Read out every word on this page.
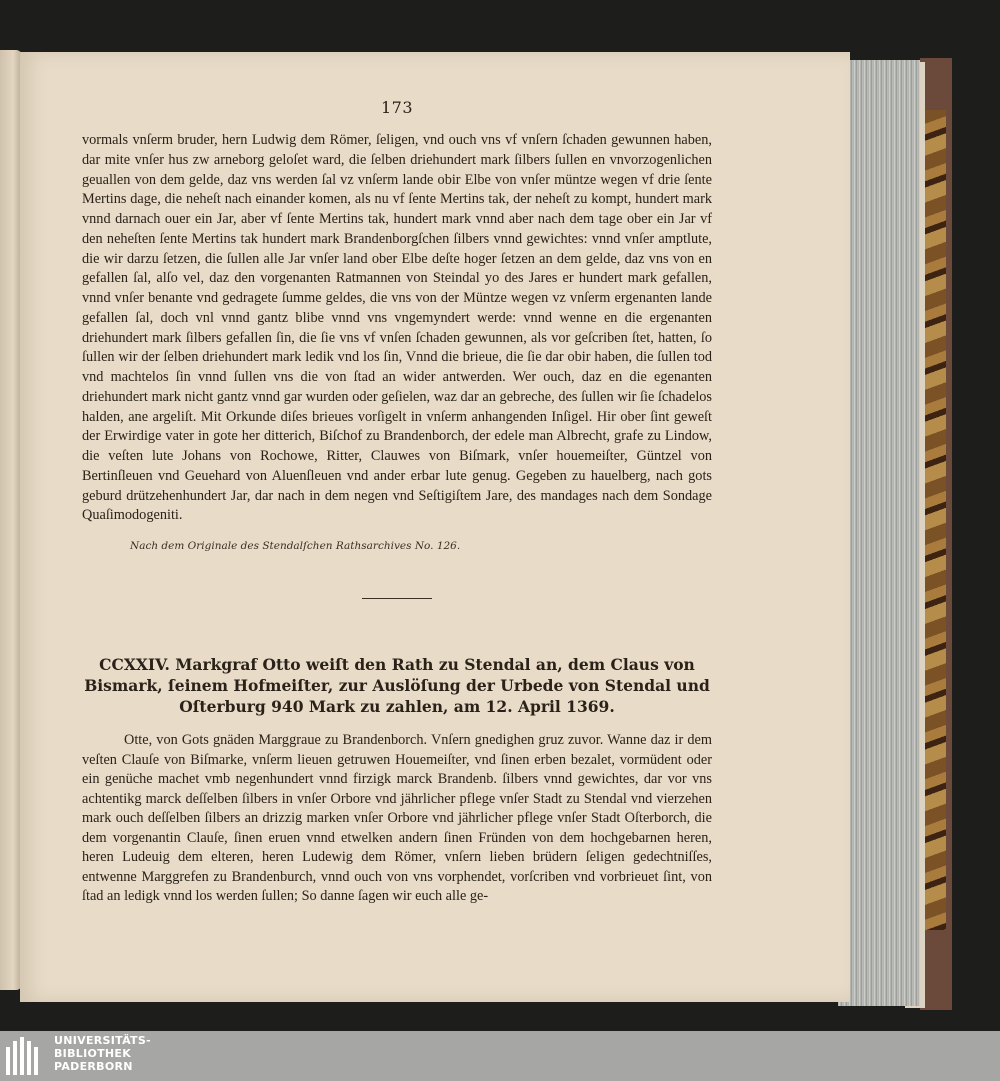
173

vormals vnſerm bruder, hern Ludwig dem Römer, ſeligen, vnd ouch vns vf vnſern ſchaden gewunnen haben, dar mite vnſer hus zw arneborg geloſet ward, die ſelben driehundert mark ſilbers ſullen en vnvorzogenlichen geuallen von dem gelde, daz vns werden ſal vz vnſerm lande obir Elbe von vnſer müntze wegen vf drie ſente Mertins dage, die neheſt nach einander komen, als nu vf ſente Mertins tak, der neheſt zu kompt, hundert mark vnnd darnach ouer ein Jar, aber vf ſente Mertins tak, hundert mark vnnd aber nach dem tage ober ein Jar vf den neheſten ſente Mertins tak hundert mark Brandenborgſchen ſilbers vnnd gewichtes: vnnd vnſer amptlute, die wir darzu ſetzen, die ſullen alle Jar vnſer land ober Elbe deſte hoger ſetzen an dem gelde, daz vns von en gefallen ſal, alſo vel, daz den vorgenanten Ratmannen von Steindal yo des Jares er hundert mark gefallen, vnnd vnſer benante vnd gedragete ſumme geldes, die vns von der Müntze wegen vz vnſerm ergenanten lande gefallen ſal, doch vnl vnnd gantz blibe vnnd vns vngemyndert werde: vnnd wenne en die ergenanten driehundert mark ſilbers gefallen ſin, die ſie vns vf vnſen ſchaden gewunnen, als vor geſcriben ſtet, hatten, ſo ſullen wir der ſelben driehundert mark ledik vnd los ſin, Vnnd die brieue, die ſie dar obir haben, die ſullen tod vnd machtelos ſin vnnd ſullen vns die von ſtad an wider antwerden. Wer ouch, daz en die egenanten driehundert mark nicht gantz vnnd gar wurden oder geſielen, waz dar an gebreche, des ſullen wir ſie ſchadelos halden, ane argeliſt. Mit Orkunde diſes brieues vorſigelt in vnſerm anhangenden Inſigel. Hir ober ſint geweſt der Erwirdige vater in gote her ditterich, Biſchof zu Brandenborch, der edele man Albrecht, grafe zu Lindow, die veſten lute Johans von Rochowe, Ritter, Clauwes von Biſmark, vnſer houemeiſter, Güntzel von Bertinſleuen vnd Geuehard von Aluenſleuen vnd ander erbar lute genug. Gegeben zu hauelberg, nach gots geburd drützehenhundert Jar, dar nach in dem negen vnd Seſtigiſtem Jare, des mandages nach dem Sondage Quaſimodogeniti.

Nach dem Originale des Stendalſchen Rathsarchives No. 126.
CCXXIV. Markgraf Otto weiſt den Rath zu Stendal an, dem Claus von Bismark, ſeinem Hofmeiſter, zur Auslöſung der Urbede von Stendal und Oſterburg 940 Mark zu zahlen, am 12. April 1369.

Otte, von Gots gnäden Marggraue zu Brandenborch. Vnſern gnedighen gruz zuvor. Wanne daz ir dem veſten Clauſe von Biſmarke, vnſerm lieuen getruwen Houemeiſter, vnd ſinen erben bezalet, vormüdent oder ein genüche machet vmb negenhundert vnnd firzigk marck Brandenb. ſilbers vnnd gewichtes, dar vor vns achtentikg marck deſſelben ſilbers in vnſer Orbore vnd jährlicher pflege vnſer Stadt zu Stendal vnd vierzehen mark ouch deſſelben ſilbers an drizzig marken vnſer Orbore vnd jährlicher pflege vnſer Stadt Oſterborch, die dem vorgenantin Clauſe, ſinen eruen vnnd etwelken andern ſinen Fründen von dem hochgebarnen heren, heren Ludeuig dem elteren, heren Ludewig dem Römer, vnſern lieben brüdern ſeligen gedechtniſſes, entwenne Marggrefen zu Brandenburch, vnnd ouch von vns vorphendet, vorſcriben vnd vorbrieuet ſint, von ſtad an ledigk vnnd los werden ſullen; So danne ſagen wir euch alle ge-

UNIVERSITÄTS-
BIBLIOTHEK
PADERBORN
